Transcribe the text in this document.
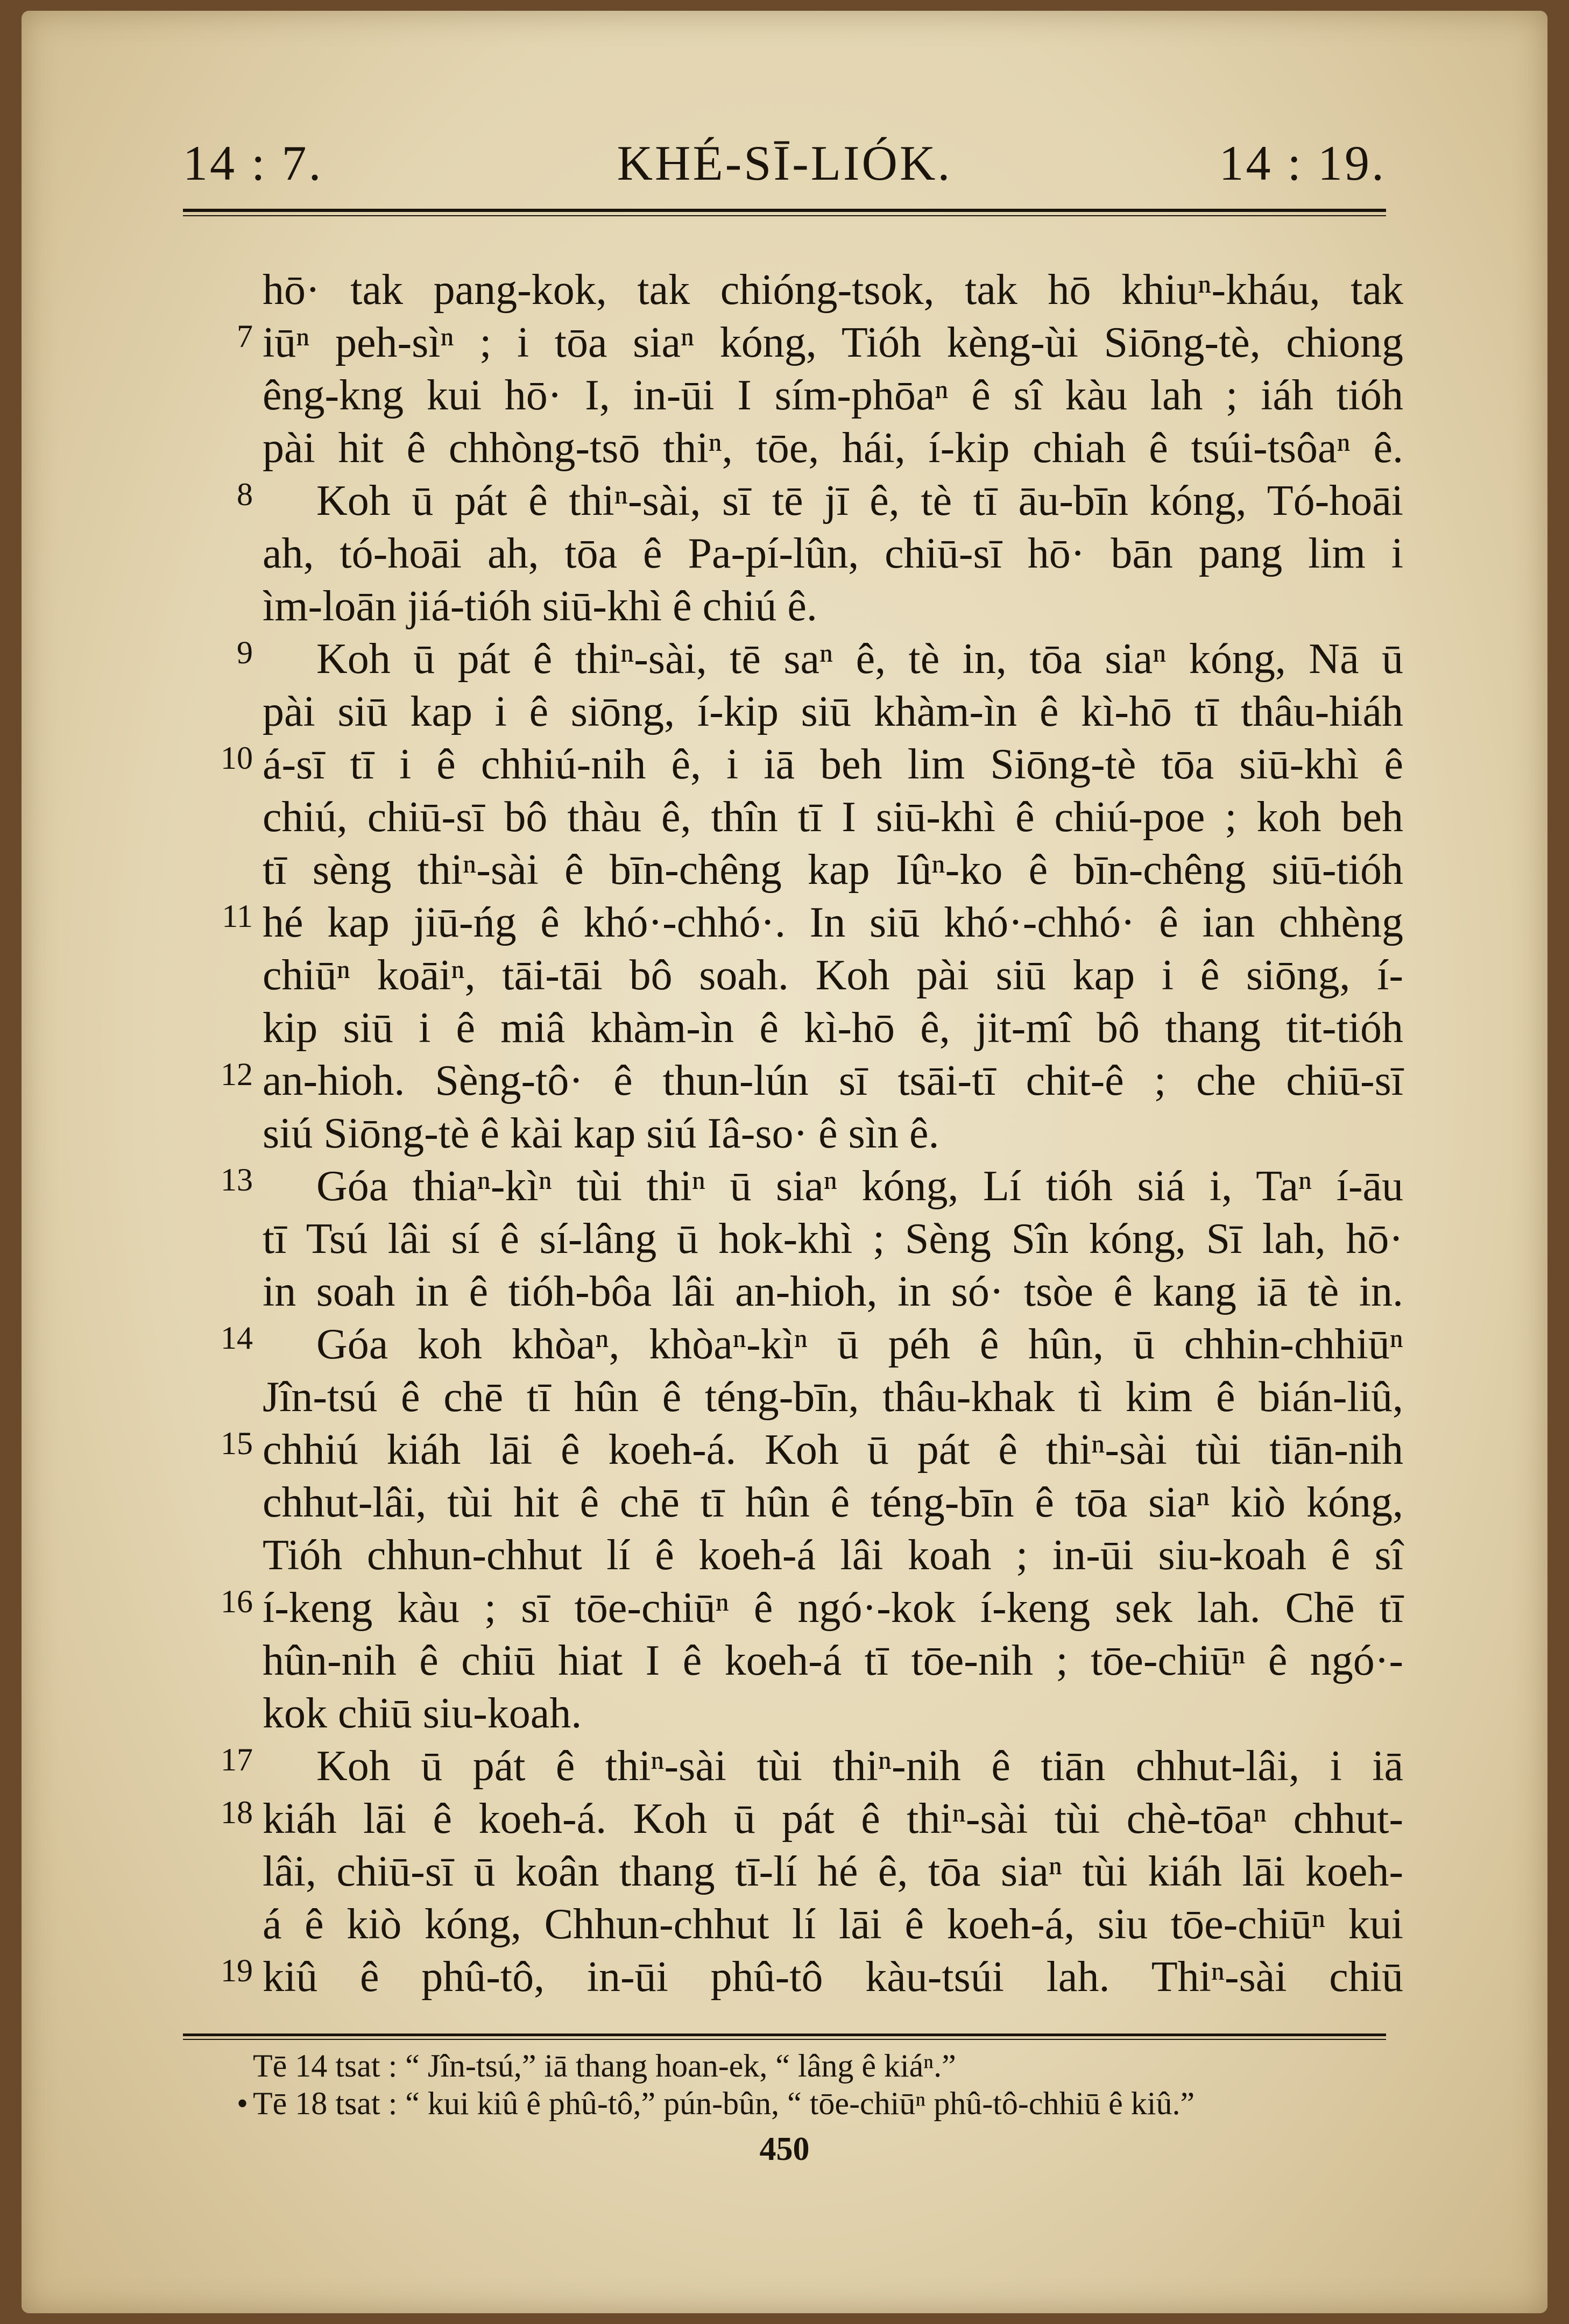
14 : 7.	KHÉ-SĪ-LIÓK.	14 : 19.
hō· tak pang-kok, tak chióng-tsok, tak hō khiuⁿ-kháu, tak
iūⁿ peh-sìⁿ ; i tōa siaⁿ kóng, Tióh kèng-ùi Siōng-tè, chiong
êng-kng kui hō· I, in-ūi I sím-phōaⁿ ê sî kàu lah ; iáh tióh
pài hit ê chhòng-tsō thiⁿ, tōe, hái, í-kip chiah ê tsúi-tsôaⁿ ê.
Koh ū pát ê thiⁿ-sài, sī tē jī ê, tè tī āu-bīn kóng, Tó-hoāi
ah, tó-hoāi ah, tōa ê Pa-pí-lûn, chiū-sī hō· bān pang lim i
ìm-loān jiá-tióh siū-khì ê chiú ê.
Koh ū pát ê thiⁿ-sài, tē saⁿ ê, tè in, tōa siaⁿ kóng, Nā ū
pài siū kap i ê siōng, í-kip siū khàm-ìn ê kì-hō tī thâu-hiáh
á-sī tī i ê chhiú-nih ê, i iā beh lim Siōng-tè tōa siū-khì ê
chiú, chiū-sī bô thàu ê, thîn tī I siū-khì ê chiú-poe ; koh beh
tī sèng thiⁿ-sài ê bīn-chêng kap Iûⁿ-ko ê bīn-chêng siū-tióh
hé kap jiū-ńg ê khó·-chhó·. In siū khó·-chhó· ê ian chhèng
chiūⁿ koāiⁿ, tāi-tāi bô soah. Koh pài siū kap i ê siōng, í-
kip siū i ê miâ khàm-ìn ê kì-hō ê, jit-mî bô thang tit-tióh
an-hioh. Sèng-tô· ê thun-lún sī tsāi-tī chit-ê ; che chiū-sī
siú Siōng-tè ê kài kap siú Iâ-so· ê sìn ê.
Góa thiaⁿ-kìⁿ tùi thiⁿ ū siaⁿ kóng, Lí tióh siá i, Taⁿ í-āu
tī Tsú lâi sí ê sí-lâng ū hok-khì ; Sèng Sîn kóng, Sī lah, hō·
in soah in ê tióh-bôa lâi an-hioh, in só· tsòe ê kang iā tè in.
Góa koh khòaⁿ, khòaⁿ-kìⁿ ū péh ê hûn, ū chhin-chhiūⁿ
Jîn-tsú ê chē tī hûn ê téng-bīn, thâu-khak tì kim ê bián-liû,
chhiú kiáh lāi ê koeh-á. Koh ū pát ê thiⁿ-sài tùi tiān-nih
chhut-lâi, tùi hit ê chē tī hûn ê téng-bīn ê tōa siaⁿ kiò kóng,
Tióh chhun-chhut lí ê koeh-á lâi koah ; in-ūi siu-koah ê sî
í-keng kàu ; sī tōe-chiūⁿ ê ngó·-kok í-keng sek lah. Chē tī
hûn-nih ê chiū hiat I ê koeh-á tī tōe-nih ; tōe-chiūⁿ ê ngó·-
kok chiū siu-koah.
Koh ū pát ê thiⁿ-sài tùi thiⁿ-nih ê tiān chhut-lâi, i iā
kiáh lāi ê koeh-á. Koh ū pát ê thiⁿ-sài tùi chè-tōaⁿ chhut-
lâi, chiū-sī ū koân thang tī-lí hé ê, tōa siaⁿ tùi kiáh lāi koeh-
á ê kiò kóng, Chhun-chhut lí lāi ê koeh-á, siu tōe-chiūⁿ kui
kiû ê phû-tô, in-ūi phû-tô kàu-tsúi lah. Thiⁿ-sài chiū
7
8
9
10
11
12
13
14
15
16
17
18
19
Tē 14 tsat : “ Jîn-tsú,” iā thang hoan-ek, “ lâng ê kiáⁿ.”
• Tē 18 tsat : “ kui kiû ê phû-tô,” pún-bûn, “ tōe-chiūⁿ phû-tô-chhiū ê kiû.”
450
